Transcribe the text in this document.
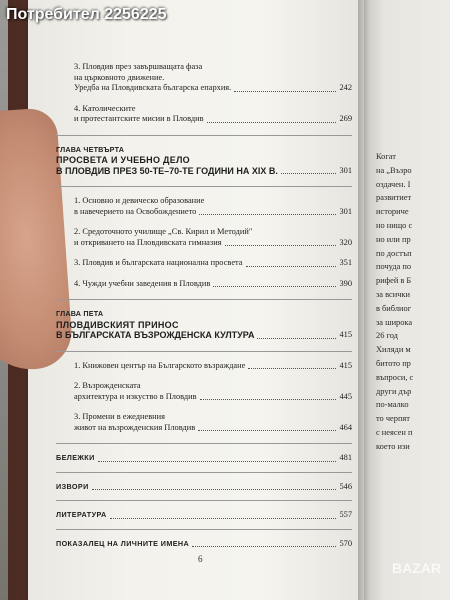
Потребител 2256225
3. Пловдив през завършващата фаза
на църковното движение.
Уредба на Пловдивската българска епархия.	242
4. Католическите
и протестантските мисии в Пловдив	269
ГЛАВА ЧЕТВЪРТА
ПРОСВЕТА И УЧЕБНО ДЕЛО
В ПЛОВДИВ ПРЕЗ 50-ТЕ–70-ТЕ ГОДИНИ НА XIX В.	301
1. Основно и девическо образование
в навечерието на Освобождението	301
2. Средоточното училище „Св. Кирил и Методий"
и откриването на Пловдивската гимназия	320
3. Пловдив и българската национална просвета	351
4. Чужди учебни заведения в Пловдив	390
ГЛАВА ПЕТА
ПЛОВДИВСКИЯТ ПРИНОС
В БЪЛГАРСКАТА ВЪЗРОЖДЕНСКА КУЛТУРА	415
1. Книжовен център на Българското възраждане	415
2. Възрожденската
архитектура и изкуство в Пловдив	445
3. Промени в ежедневния
живот на възрожденския Пловдив	464
БЕЛЕЖКИ	481
ИЗВОРИ	546
ЛИТЕРАТУРА	557
ПОКАЗАЛЕЦ НА ЛИЧНИТЕ ИМЕНА	570
6
Когат
на „Възро
оздачен. І
развитиет
историче
но нищо с
но или пр
по достъп
почуда по
рифей в Б
за всички
в библиог
за широка
26 год
Хиляди м
битото пр
въпроси, с
други дър
по-малко
то черпят
с неясен п
което изи
BAZAR
